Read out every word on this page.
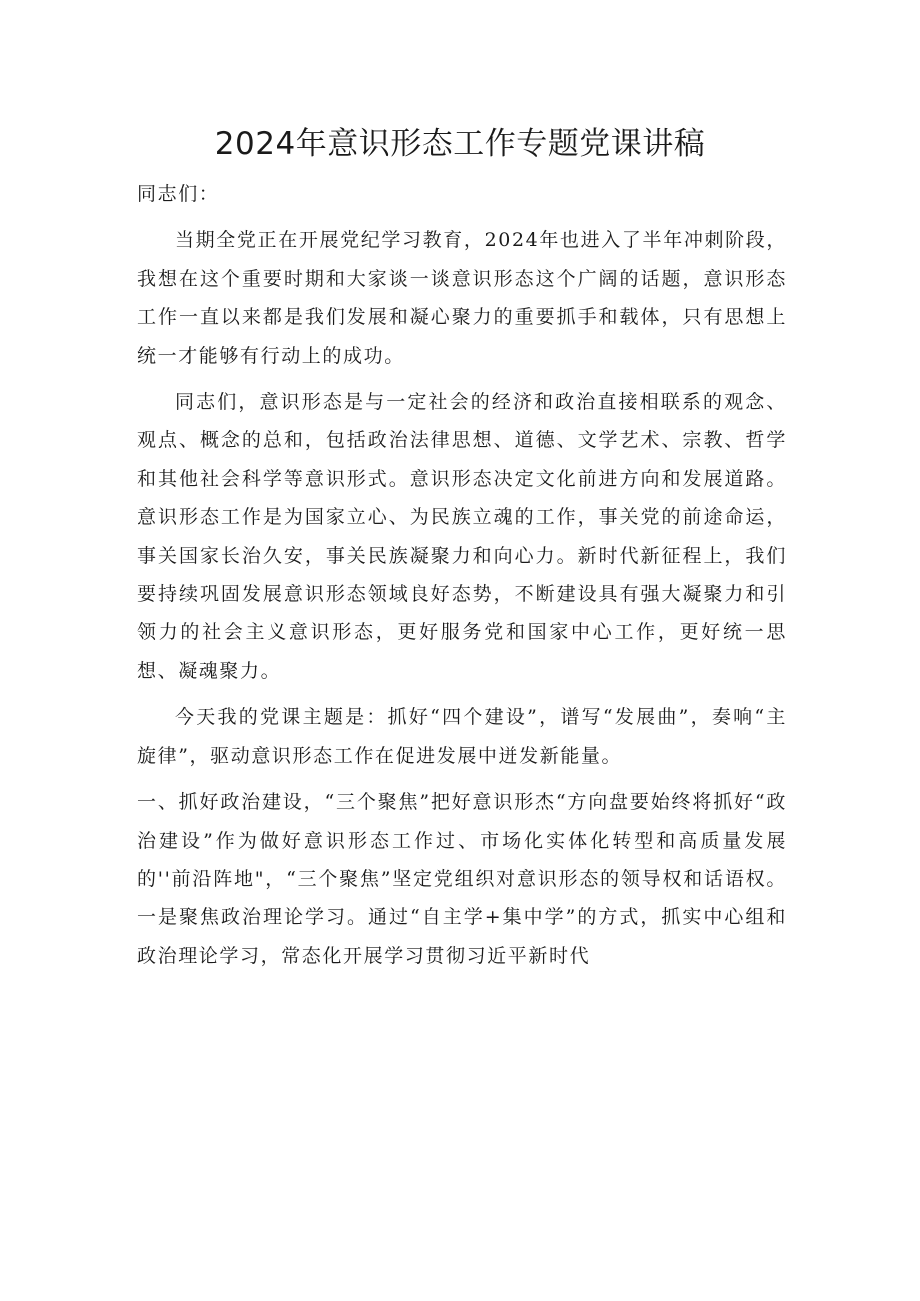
2024年意识形态工作专题党课讲稿

同志们：

当期全党正在开展党纪学习教育，2024年也进入了半年冲刺阶段，我想在这个重要时期和大家谈一谈意识形态这个广阔的话题，意识形态工作一直以来都是我们发展和凝心聚力的重要抓手和载体，只有思想上统一才能够有行动上的成功。

同志们，意识形态是与一定社会的经济和政治直接相联系的观念、观点、概念的总和，包括政治法律思想、道德、文学艺术、宗教、哲学和其他社会科学等意识形式。意识形态决定文化前进方向和发展道路。意识形态工作是为国家立心、为民族立魂的工作，事关党的前途命运，事关国家长治久安，事关民族凝聚力和向心力。新时代新征程上，我们要持续巩固发展意识形态领域良好态势，不断建设具有强大凝聚力和引领力的社会主义意识形态，更好服务党和国家中心工作，更好统一思想、凝魂聚力。

今天我的党课主题是：抓好“四个建设”，谱写“发展曲”，奏响“主旋律”，驱动意识形态工作在促进发展中迸发新能量。

一、抓好政治建设，“三个聚焦”把好意识形杰“方向盘要始终将抓好“政治建设”作为做好意识形态工作过、市场化实体化转型和高质量发展的''前沿阵地"，“三个聚焦”坚定党组织对意识形态的领导权和话语权。一是聚焦政治理论学习。通过“自主学+集中学”的方式，抓实中心组和政治理论学习，常态化开展学习贯彻习近平新时代
